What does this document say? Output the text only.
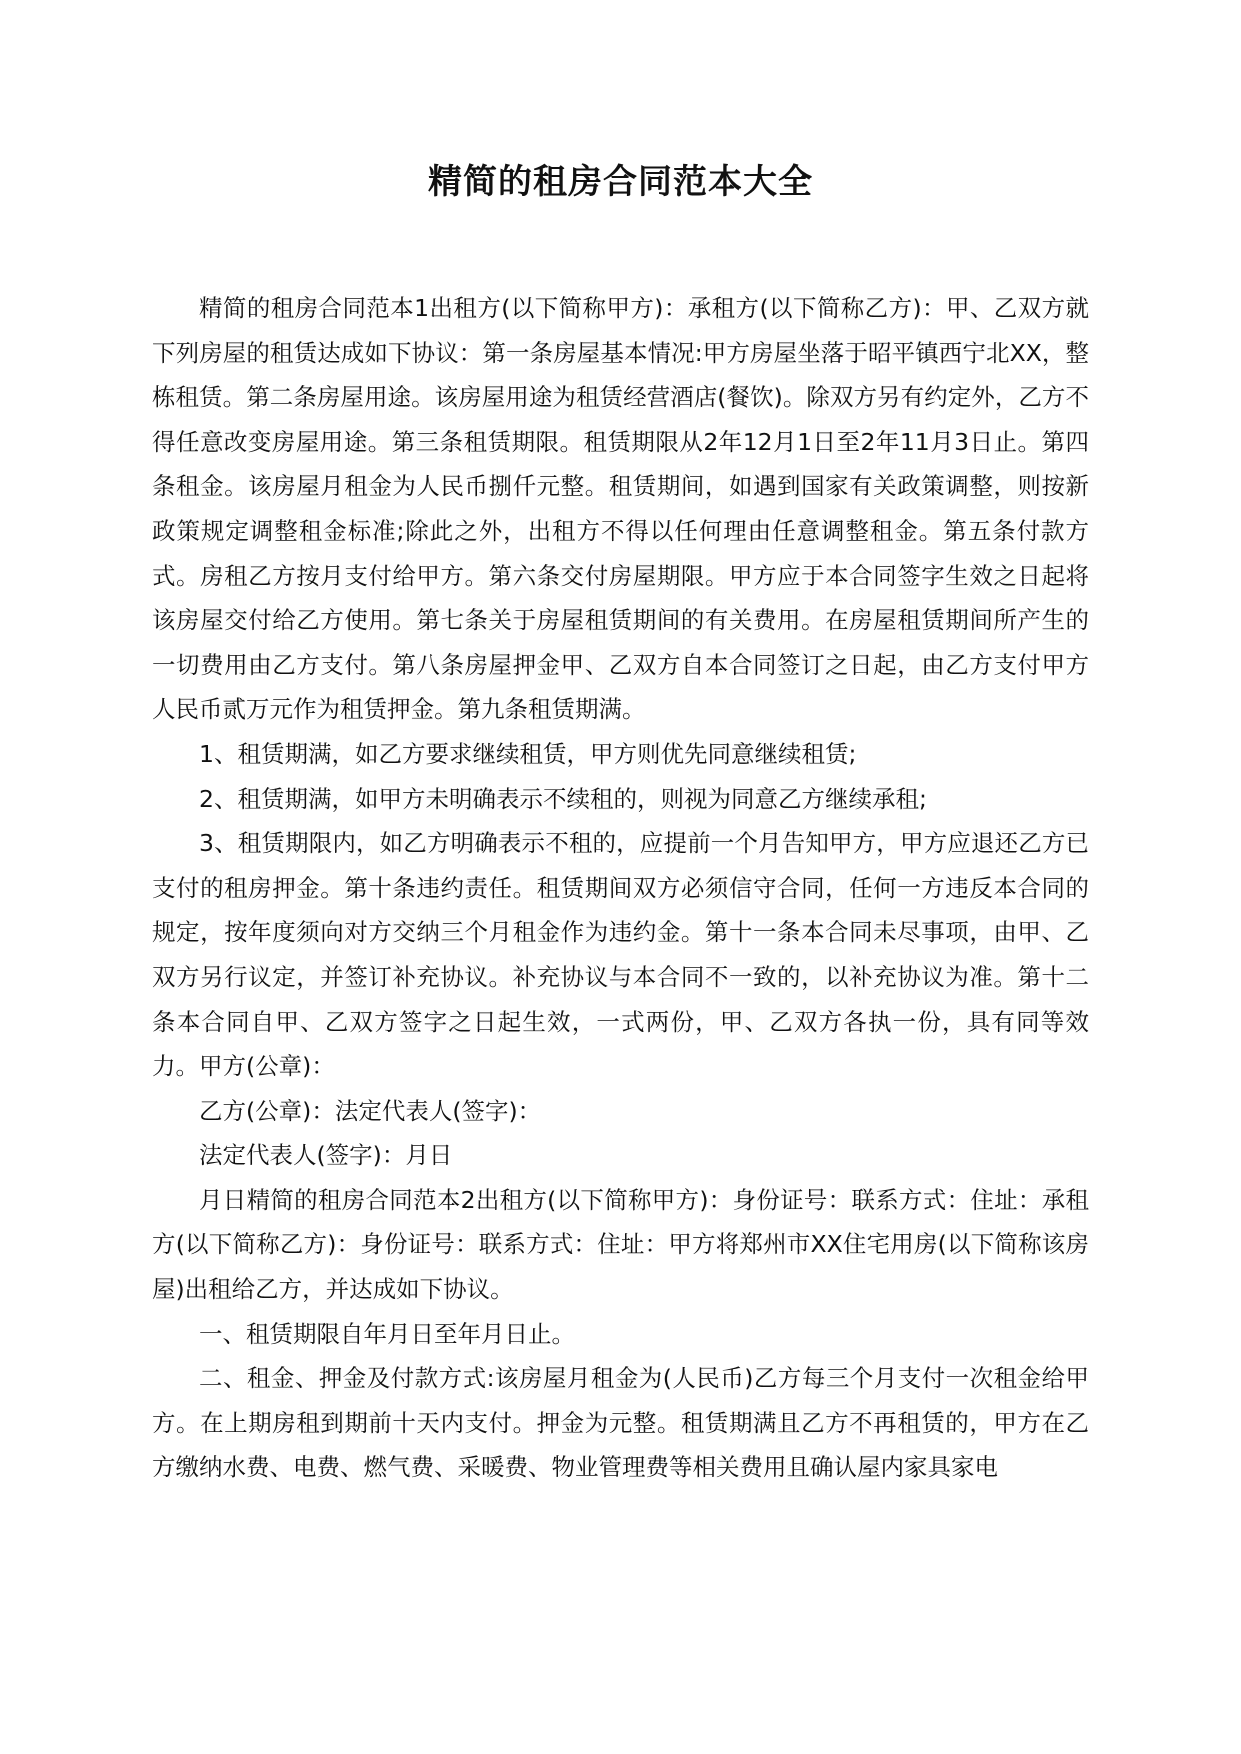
精简的租房合同范本大全

精简的租房合同范本1出租方(以下简称甲方)：承租方(以下简称乙方)：甲、乙双方就下列房屋的租赁达成如下协议：第一条房屋基本情况:甲方房屋坐落于昭平镇西宁北XX，整栋租赁。第二条房屋用途。该房屋用途为租赁经营酒店(餐饮)。除双方另有约定外，乙方不得任意改变房屋用途。第三条租赁期限。租赁期限从2年12月1日至2年11月3日止。第四条租金。该房屋月租金为人民币捌仟元整。租赁期间，如遇到国家有关政策调整，则按新政策规定调整租金标准;除此之外，出租方不得以任何理由任意调整租金。第五条付款方式。房租乙方按月支付给甲方。第六条交付房屋期限。甲方应于本合同签字生效之日起将该房屋交付给乙方使用。第七条关于房屋租赁期间的有关费用。在房屋租赁期间所产生的一切费用由乙方支付。第八条房屋押金甲、乙双方自本合同签订之日起，由乙方支付甲方人民币贰万元作为租赁押金。第九条租赁期满。

1、租赁期满，如乙方要求继续租赁，甲方则优先同意继续租赁;

2、租赁期满，如甲方未明确表示不续租的，则视为同意乙方继续承租;

3、租赁期限内，如乙方明确表示不租的，应提前一个月告知甲方，甲方应退还乙方已支付的租房押金。第十条违约责任。租赁期间双方必须信守合同，任何一方违反本合同的规定，按年度须向对方交纳三个月租金作为违约金。第十一条本合同未尽事项，由甲、乙双方另行议定，并签订补充协议。补充协议与本合同不一致的，以补充协议为准。第十二条本合同自甲、乙双方签字之日起生效，一式两份，甲、乙双方各执一份，具有同等效力。甲方(公章)：

乙方(公章)：法定代表人(签字)：

法定代表人(签字)：月日

月日精简的租房合同范本2出租方(以下简称甲方)：身份证号：联系方式：住址：承租方(以下简称乙方)：身份证号：联系方式：住址：甲方将郑州市XX住宅用房(以下简称该房屋)出租给乙方，并达成如下协议。

一、租赁期限自年月日至年月日止。

二、租金、押金及付款方式:该房屋月租金为(人民币)乙方每三个月支付一次租金给甲方。在上期房租到期前十天内支付。押金为元整。租赁期满且乙方不再租赁的，甲方在乙方缴纳水费、电费、燃气费、采暖费、物业管理费等相关费用且确认屋内家具家电
